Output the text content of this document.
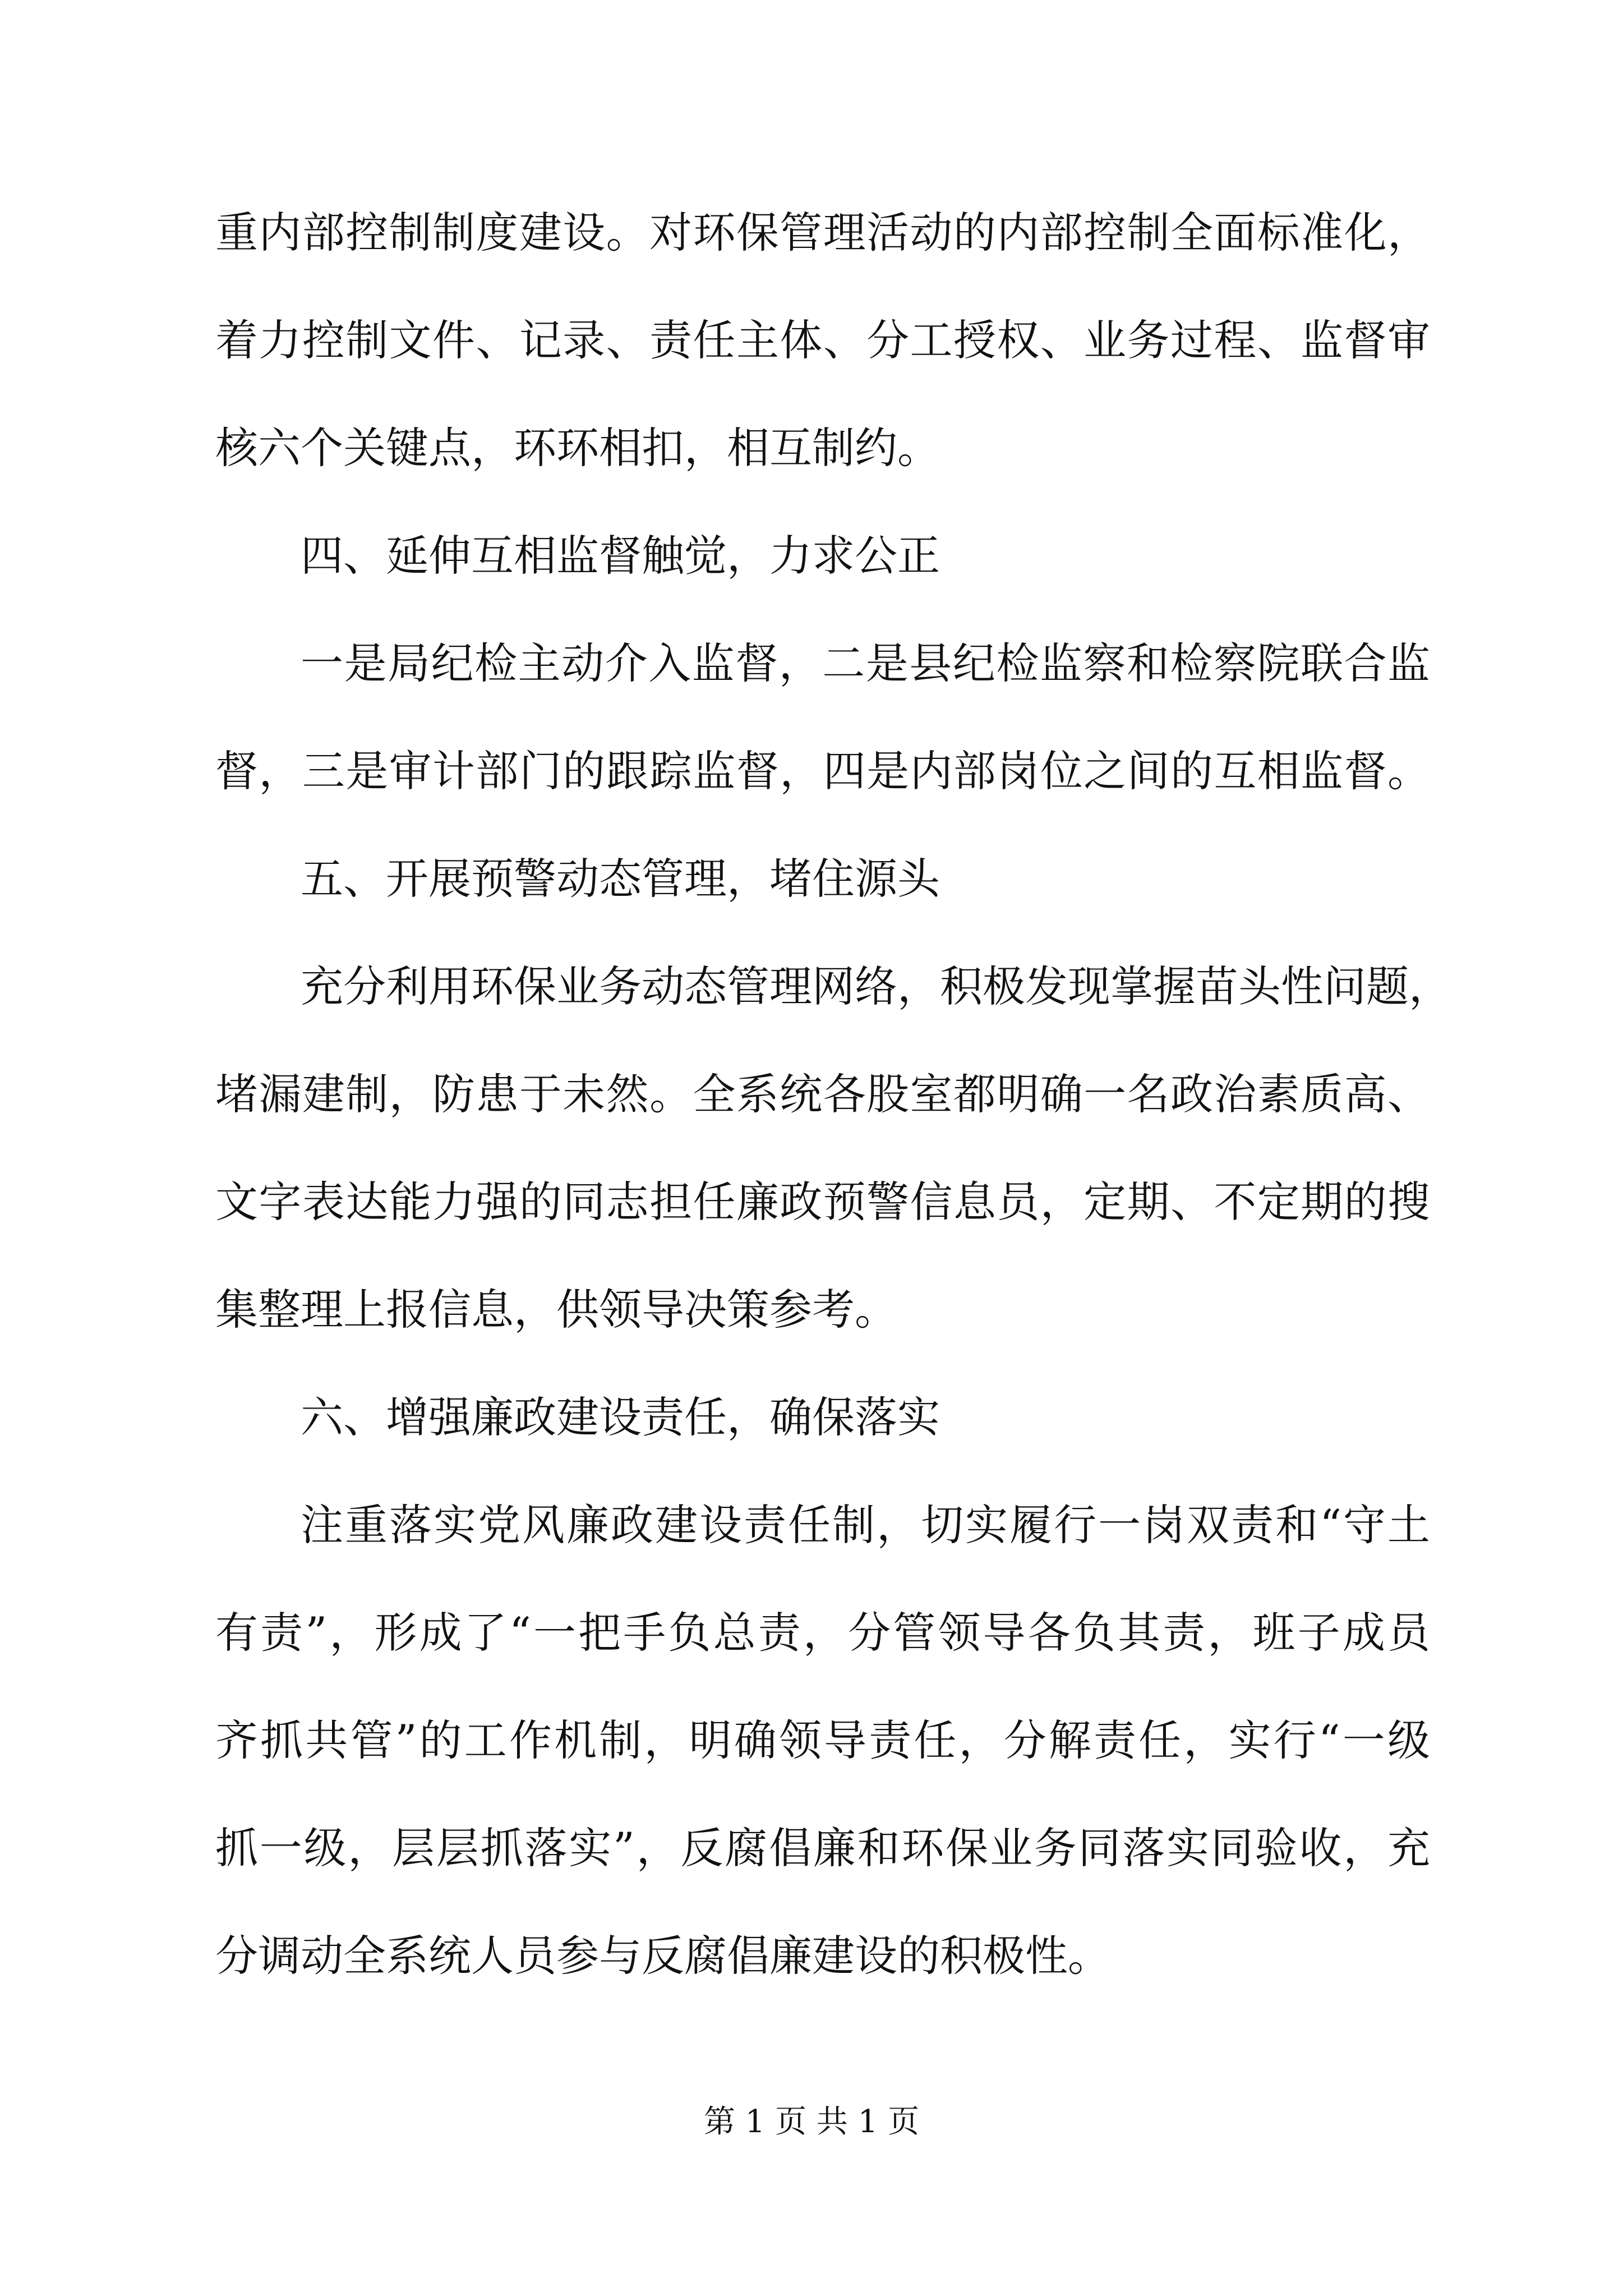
重内部控制制度建设。对环保管理活动的内部控制全面标准化，
着力控制文件、记录、责任主体、分工授权、业务过程、监督审
核六个关键点，环环相扣，相互制约。
四、延伸互相监督触觉，力求公正
一是局纪检主动介入监督，二是县纪检监察和检察院联合监
督，三是审计部门的跟踪监督，四是内部岗位之间的互相监督。
五、开展预警动态管理，堵住源头
充分利用环保业务动态管理网络，积极发现掌握苗头性问题，
堵漏建制，防患于未然。全系统各股室都明确一名政治素质高、
文字表达能力强的同志担任廉政预警信息员，定期、不定期的搜
集整理上报信息，供领导决策参考。
六、增强廉政建设责任，确保落实
注重落实党风廉政建设责任制，切实履行一岗双责和“守土
有责”，形成了“一把手负总责，分管领导各负其责，班子成员
齐抓共管”的工作机制，明确领导责任，分解责任，实行“一级
抓一级，层层抓落实”，反腐倡廉和环保业务同落实同验收，充
分调动全系统人员参与反腐倡廉建设的积极性。
第 1 页 共 1 页
